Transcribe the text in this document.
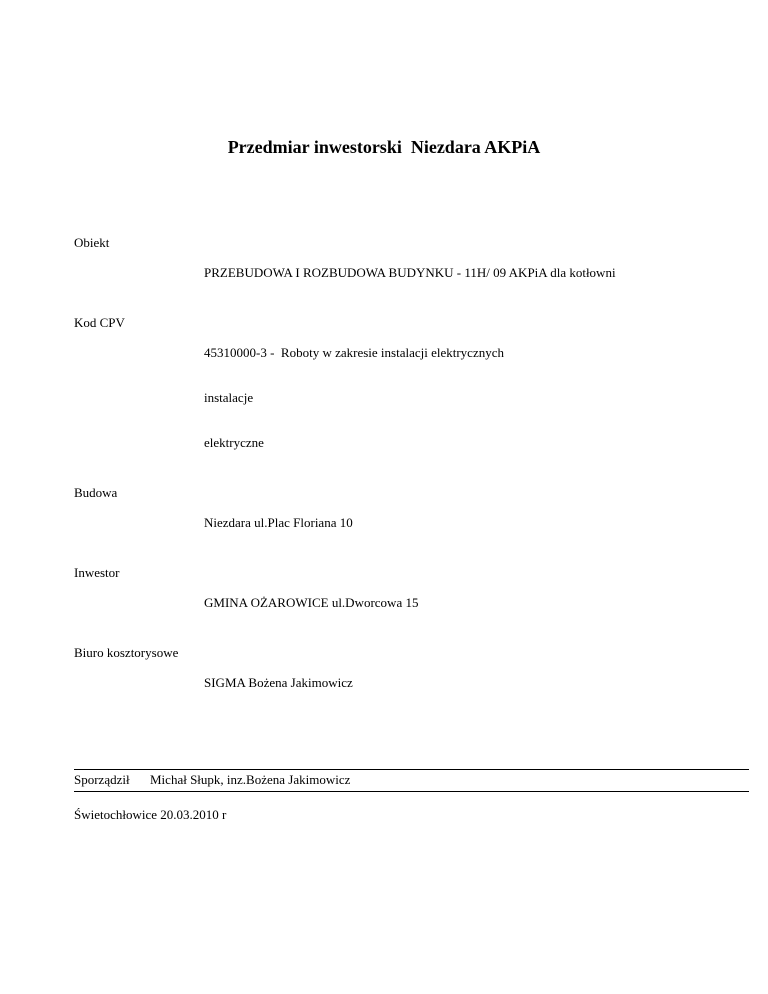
Przedmiar inwestorski  Niezdara AKPiA
Obiekt

PRZEBUDOWA I ROZBUDOWA BUDYNKU - 11H/ 09 AKPiA dla kotłowni

Kod CPV

45310000-3 -  Roboty w zakresie instalacji elektrycznych

instalacje

elektryczne

Budowa

Niezdara ul.Plac Floriana 10

Inwestor

GMINA OŻAROWICE ul.Dworcowa 15

Biuro kosztorysowe

SIGMA Bożena Jakimowicz

Sporządził	Michał Słupk, inz.Bożena Jakimowicz
Świetochłowice 20.03.2010 r
